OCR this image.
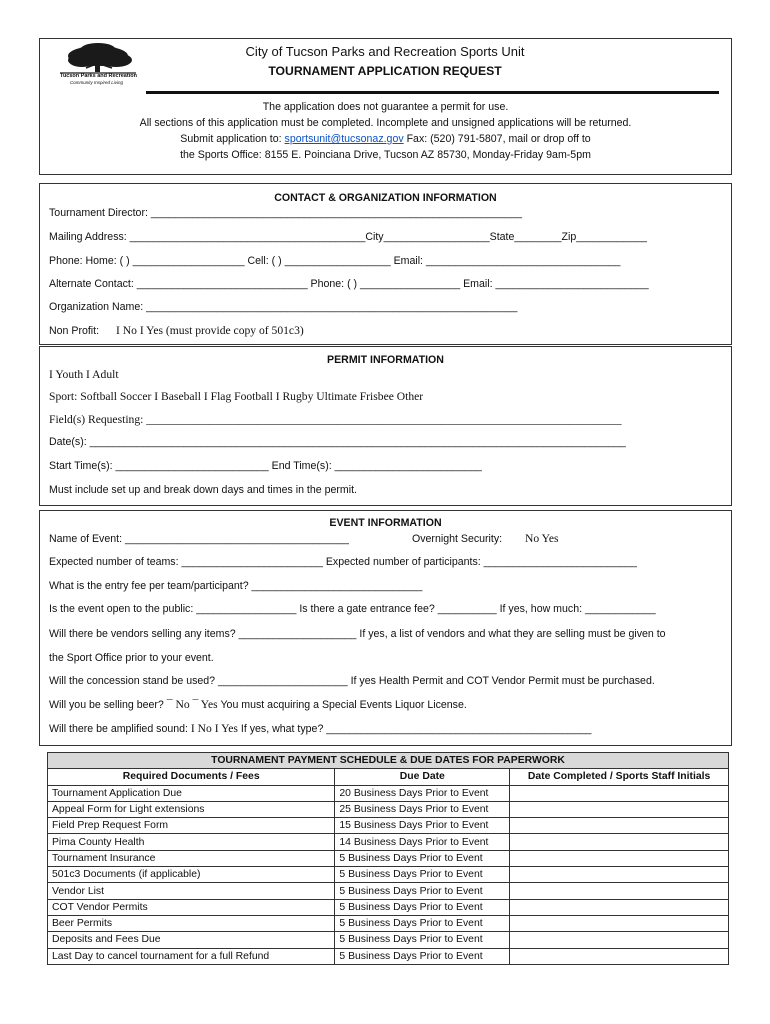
Tucson Parks and Recreation
Community Inspired Living
City of Tucson Parks and Recreation Sports Unit
TOURNAMENT APPLICATION REQUEST
The application does not guarantee a permit for use.
All sections of this application must be completed. Incomplete and unsigned applications will be returned.
Submit application to: sportsunit@tucsonaz.gov Fax: (520) 791-5807, mail or drop off to
the Sports Office: 8155 E. Poinciana Drive, Tucson AZ 85730, Monday-Friday 9am-5pm
CONTACT & ORGANIZATION INFORMATION
Tournament Director: _______________________________________________________________
Mailing Address: ________________________________________City__________________State________Zip____________
Phone: Home: ( ) ___________________ Cell: ( ) __________________ Email: _________________________________
Alternate Contact: _____________________________ Phone: ( ) _________________ Email: __________________________
Organization Name: _______________________________________________________________
Non Profit: I No I Yes (must provide copy of 501c3)
PERMIT INFORMATION
I Youth I Adult
Sport: Softball Soccer I Baseball I Flag Football I Rugby Ultimate Frisbee Other
Field(s) Requesting: __________________________________________________________________________________
Date(s): ___________________________________________________________________________________________
Start Time(s): __________________________ End Time(s): _________________________
Must include set up and break down days and times in the permit.
EVENT INFORMATION
Name of Event: ______________________________________	Overnight Security: No Yes
Expected number of teams: ________________________ Expected number of participants: __________________________
What is the entry fee per team/participant? _____________________________
Is the event open to the public: _________________ Is there a gate entrance fee? __________ If yes, how much: ____________
Will there be vendors selling any items? ____________________ If yes, a list of vendors and what they are selling must be given to
the Sport Office prior to your event.
Will the concession stand be used? ______________________ If yes Health Permit and COT Vendor Permit must be purchased.
Will you be selling beer? ¯ No ¯ Yes You must acquiring a Special Events Liquor License.
Will there be amplified sound: I No I Yes If yes, what type? _____________________________________________
TOURNAMENT PAYMENT SCHEDULE & DUE DATES FOR PAPERWORK		
Required Documents / Fees	Due Date	Date Completed / Sports Staff Initials
Tournament Application Due	20 Business Days Prior to Event	
Appeal Form for Light extensions	25 Business Days Prior to Event	
Field Prep Request Form	15 Business Days Prior to Event	
Pima County Health	14 Business Days Prior to Event	
Tournament Insurance	5 Business Days Prior to Event	
501c3 Documents (if applicable)	5 Business Days Prior to Event	
Vendor List	5 Business Days Prior to Event	
COT Vendor Permits	5 Business Days Prior to Event	
Beer Permits	5 Business Days Prior to Event	
Deposits and Fees Due	5 Business Days Prior to Event	
Last Day to cancel tournament for a full Refund	5 Business Days Prior to Event	
